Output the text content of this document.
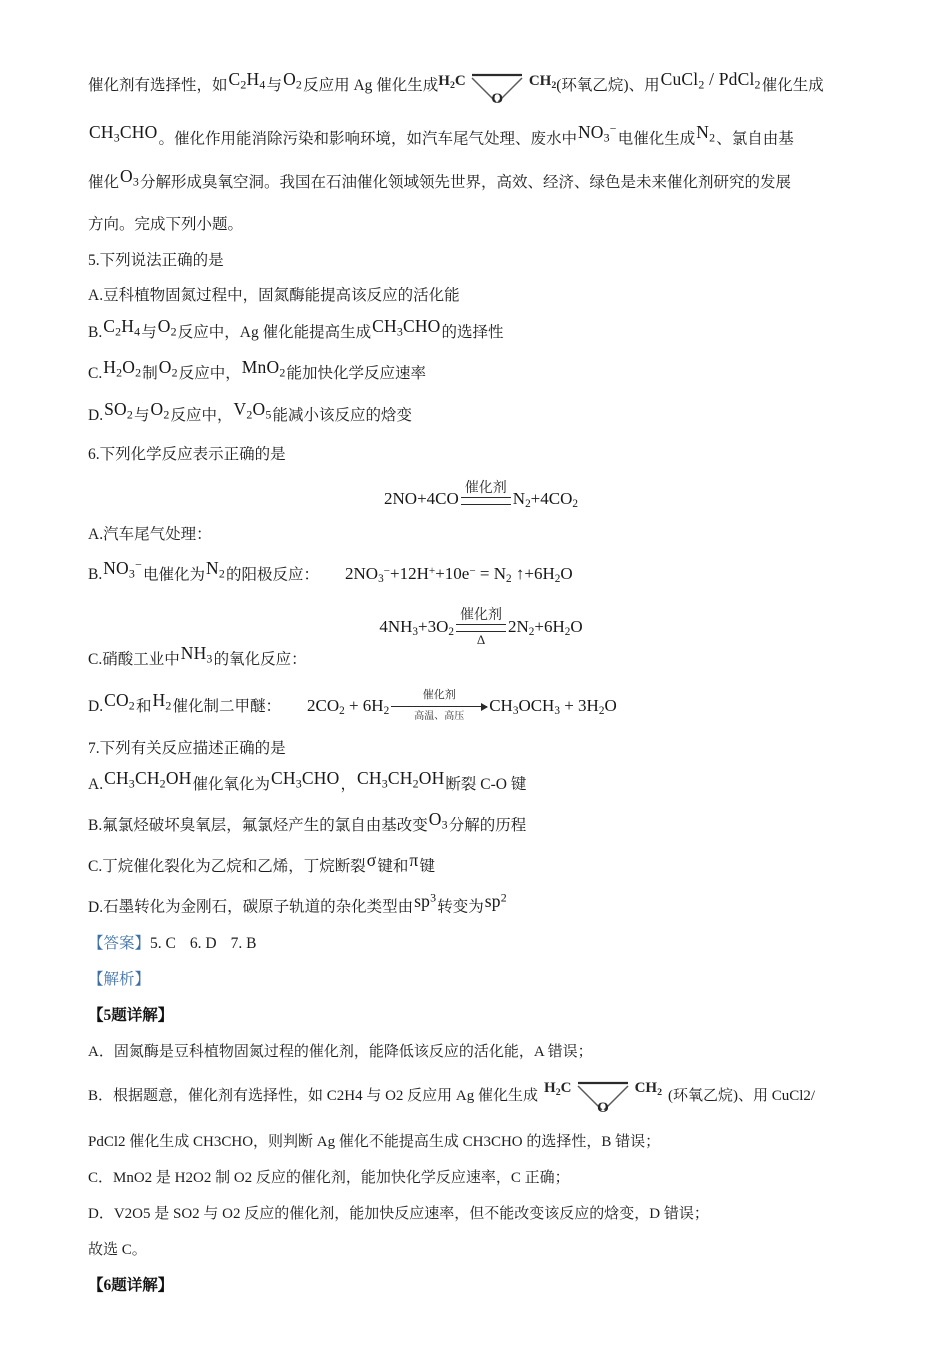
催化剂有选择性，如$C_2H_4$与$O_2$反应用 Ag 催化生成 $H_2C$	$CH_2$
O
(环氧乙烷)、用CuCl$_2$ / PdCl$_2$催化生成
$CH_3CHO$。催化作用能消除污染和影响环境，如汽车尾气处理、废水中$NO_3^-$电催化生成$N_2$、氯自由基
催化$O_3$分解形成臭氧空洞。我国在石油催化领域领先世界，高效、经济、绿色是未来催化剂研究的发展
方向。完成下列小题。
5.下列说法正确的是
A.豆科植物固氮过程中，固氮酶能提高该反应的活化能
$B.C_2H_4$与$O_2$反应中，Ag 催化能提高生成$CH_3CHO$的选择性
$C.H_2O_2$制$O_2$反应中，MnO$_2$能加快化学反应速率
$D.SO_2$与$O_2$反应中，$V_2O_5$能减小该反应的焓变
6.下列化学反应表示正确的是
2NO+4CO
催化剂
$N_2+4CO_2$
A.汽车尾气处理：
$B.NO_3^-$电催化为$N_2$的阳极反应： $2NO_3^-+12H^++10e^- = N_2$ $↑+6H_2O$
$4NH_3+3O_2$
催化剂
Δ
$2N_2+6H_2O$
C.硝酸工业中$NH_3$的氧化反应：
$D.CO_2$和$H_2$催化制二甲醚： $2CO_2 + 6H_2$
催化剂
高温、高压
$CH_3OCH_3 + 3H_2O$
7.下列有关反应描述正确的是
$A.CH_3CH_2OH$催化氧化为$CH_3CHO$，$CH_3CH_2OH$断裂 C-O 键
B.氟氯烃破坏臭氧层，氟氯烃产生的氯自由基改变$O_3$分解的历程
C.丁烷催化裂化为乙烷和乙烯，丁烷断裂σ键和π键
D.石墨转化为金刚石，碳原子轨道的杂化类型由$sp^3$转变为$sp^2$
【答案】5. C 6. D 7. B
【解析】
【5题详解】
A．固氮酶是豆科植物固氮过程的催化剂，能降低该反应的活化能，A 错误；
B．根据题意，催化剂有选择性，如 C2H4 与 O2 反应用 Ag 催化生成 $H_2C$	$CH_2$
O
(环氧乙烷)、用 CuCl2/
PdCl2 催化生成 CH3CHO，则判断 Ag 催化不能提高生成 CH3CHO 的选择性，B 错误；
C．MnO2 是 H2O2 制 O2 反应的催化剂，能加快化学反应速率，C 正确；
D．V2O5 是 SO2 与 O2 反应的催化剂，能加快反应速率，但不能改变该反应的焓变，D 错误；
故选 C。
【6题详解】
